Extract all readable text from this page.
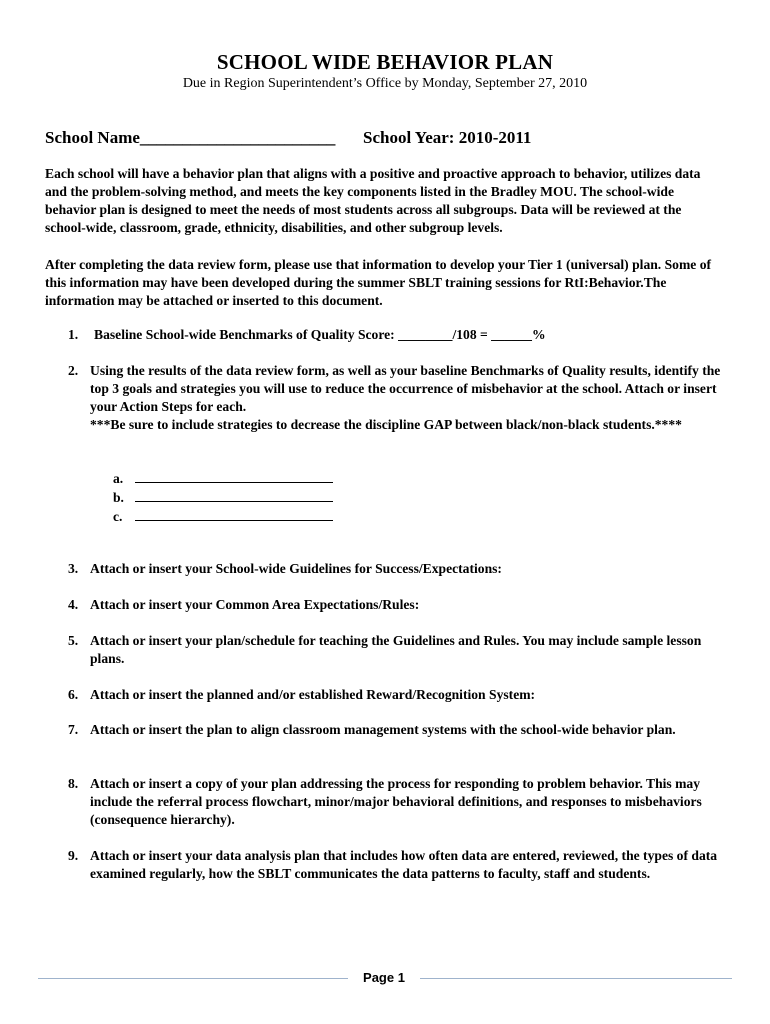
SCHOOL WIDE BEHAVIOR PLAN
Due in Region Superintendent’s Office by Monday, September 27, 2010
School Name_______________________ School Year: 2010-2011
Each school will have a behavior plan that aligns with a positive and proactive approach to behavior, utilizes data and the problem-solving method, and meets the key components listed in the Bradley MOU. The school-wide behavior plan is designed to meet the needs of most students across all subgroups. Data will be reviewed at the school-wide, classroom, grade, ethnicity, disabilities, and other subgroup levels.
After completing the data review form, please use that information to develop your Tier 1 (universal) plan. Some of this information may have been developed during the summer SBLT training sessions for RtI:Behavior.The information may be attached or inserted to this document.
1. Baseline School-wide Benchmarks of Quality Score: ________/108 = ______%
2. Using the results of the data review form, as well as your baseline Benchmarks of Quality results, identify the top 3 goals and strategies you will use to reduce the occurrence of misbehavior at the school. Attach or insert your Action Steps for each.
***Be sure to include strategies to decrease the discipline GAP between black/non-black students.****
a.
b.
c.
3. Attach or insert your School-wide Guidelines for Success/Expectations:
4. Attach or insert your Common Area Expectations/Rules:
5. Attach or insert your plan/schedule for teaching the Guidelines and Rules. You may include sample lesson plans.
6. Attach or insert the planned and/or established Reward/Recognition System:
7. Attach or insert the plan to align classroom management systems with the school-wide behavior plan.
8. Attach or insert a copy of your plan addressing the process for responding to problem behavior. This may include the referral process flowchart, minor/major behavioral definitions, and responses to misbehaviors (consequence hierarchy).
9. Attach or insert your data analysis plan that includes how often data are entered, reviewed, the types of data examined regularly, how the SBLT communicates the data patterns to faculty, staff and students.
Page 1
